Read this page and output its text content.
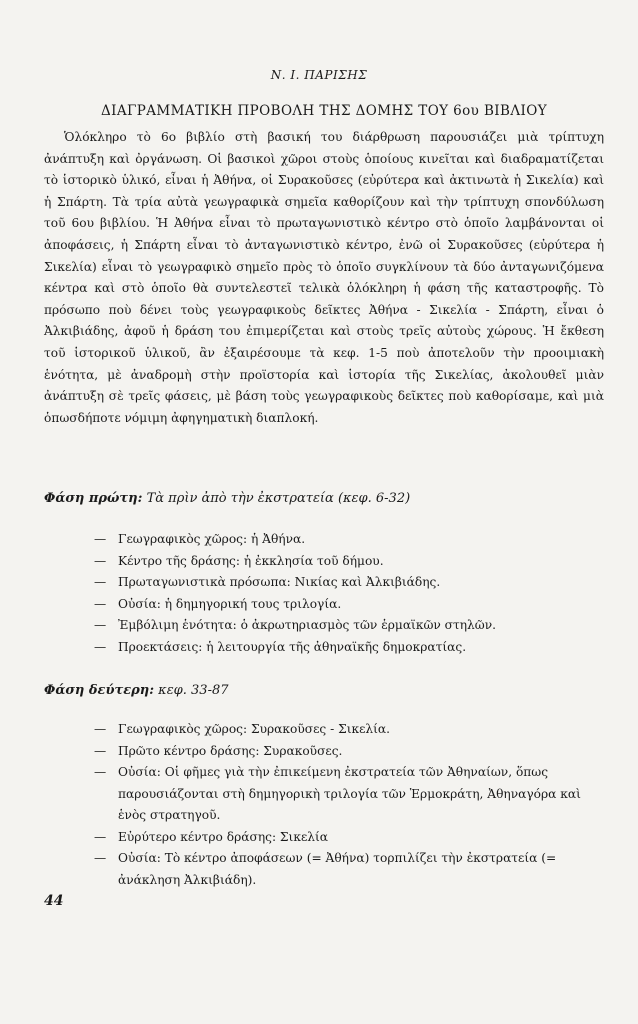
Ν. Ι. ΠΑΡΙΣΗΣ
ΔΙΑΓΡΑΜΜΑΤΙΚΗ ΠΡΟΒΟΛΗ ΤΗΣ ΔΟΜΗΣ ΤΟΥ 6ου ΒΙΒΛΙΟΥ

Ὁλόκληρο τὸ 6ο βιβλίο στὴ βασική του διάρθρωση παρουσιάζει μιὰ τρίπτυχη ἀνάπτυξη καὶ ὀργάνωση. Οἱ βασικοὶ χῶροι στοὺς ὁποίους κινεῖται καὶ διαδραματίζεται τὸ ἱστορικὸ ὑλικό, εἶναι ἡ Ἀθήνα, οἱ Συρακοῦσες (εὐρύτερα καὶ ἀκτινωτὰ ἡ Σικελία) καὶ ἡ Σπάρτη. Τὰ τρία αὐτὰ γεωγραφικὰ σημεῖα καθορίζουν καὶ τὴν τρίπτυχη σπονδύλωση τοῦ 6ου βιβλίου. Ἡ Ἀθήνα εἶναι τὸ πρωταγωνιστικὸ κέντρο στὸ ὁποῖο λαμβάνονται οἱ ἀποφάσεις, ἡ Σπάρτη εἶναι τὸ ἀνταγωνιστικὸ κέντρο, ἐνῶ οἱ Συρακοῦσες (εὐρύτερα ἡ Σικελία) εἶναι τὸ γεωγραφικὸ σημεῖο πρὸς τὸ ὁποῖο συγκλίνουν τὰ δύο ἀνταγωνιζόμενα κέντρα καὶ στὸ ὁποῖο θὰ συντελεστεῖ τελικὰ ὁλόκληρη ἡ φάση τῆς καταστροφῆς. Τὸ πρόσωπο ποὺ δένει τοὺς γεωγραφικοὺς δεῖκτες Ἀθήνα - Σικελία - Σπάρτη, εἶναι ὁ Ἀλκιβιάδης, ἀφοῦ ἡ δράση του ἐπιμερίζεται καὶ στοὺς τρεῖς αὐτοὺς χώρους. Ἡ ἔκθεση τοῦ ἱστορικοῦ ὑλικοῦ, ἂν ἐξαιρέσουμε τὰ κεφ. 1-5 ποὺ ἀποτελοῦν τὴν προοιμιακὴ ἑνότητα, μὲ ἀναδρομὴ στὴν προϊστορία καὶ ἱστορία τῆς Σικελίας, ἀκολουθεῖ μιὰν ἀνάπτυξη σὲ τρεῖς φάσεις, μὲ βάση τοὺς γεωγραφικοὺς δεῖκτες ποὺ καθορίσαμε, καὶ μιὰ ὁπωσδήποτε νόμιμη ἀφηγηματικὴ διαπλοκή.

Φάση πρώτη: Τὰ πρὶν ἀπὸ τὴν ἐκστρατεία (κεφ. 6-32)

— Γεωγραφικὸς χῶρος: ἡ Ἀθήνα.
— Κέντρο τῆς δράσης: ἡ ἐκκλησία τοῦ δήμου.
— Πρωταγωνιστικὰ πρόσωπα: Νικίας καὶ Ἀλκιβιάδης.
— Οὐσία: ἡ δημηγορική τους τριλογία.
— Ἐμβόλιμη ἑνότητα: ὁ ἀκρωτηριασμὸς τῶν ἑρμαϊκῶν στηλῶν.
— Προεκτάσεις: ἡ λειτουργία τῆς ἀθηναϊκῆς δημοκρατίας.

Φάση δεύτερη: κεφ. 33-87

— Γεωγραφικὸς χῶρος: Συρακοῦσες - Σικελία.
— Πρῶτο κέντρο δράσης: Συρακοῦσες.
— Οὐσία: Οἱ φῆμες γιὰ τὴν ἐπικείμενη ἐκστρατεία τῶν Ἀθηναίων, ὅπως παρουσιάζονται στὴ δημηγορικὴ τριλογία τῶν Ἑρμοκράτη, Ἀθηναγόρα καὶ ἑνὸς στρατηγοῦ.
— Εὐρύτερο κέντρο δράσης: Σικελία
— Οὐσία: Τὸ κέντρο ἀποφάσεων (= Ἀθήνα) τορπιλίζει τὴν ἐκστρατεία (= ἀνάκληση Ἀλκιβιάδη).
44
